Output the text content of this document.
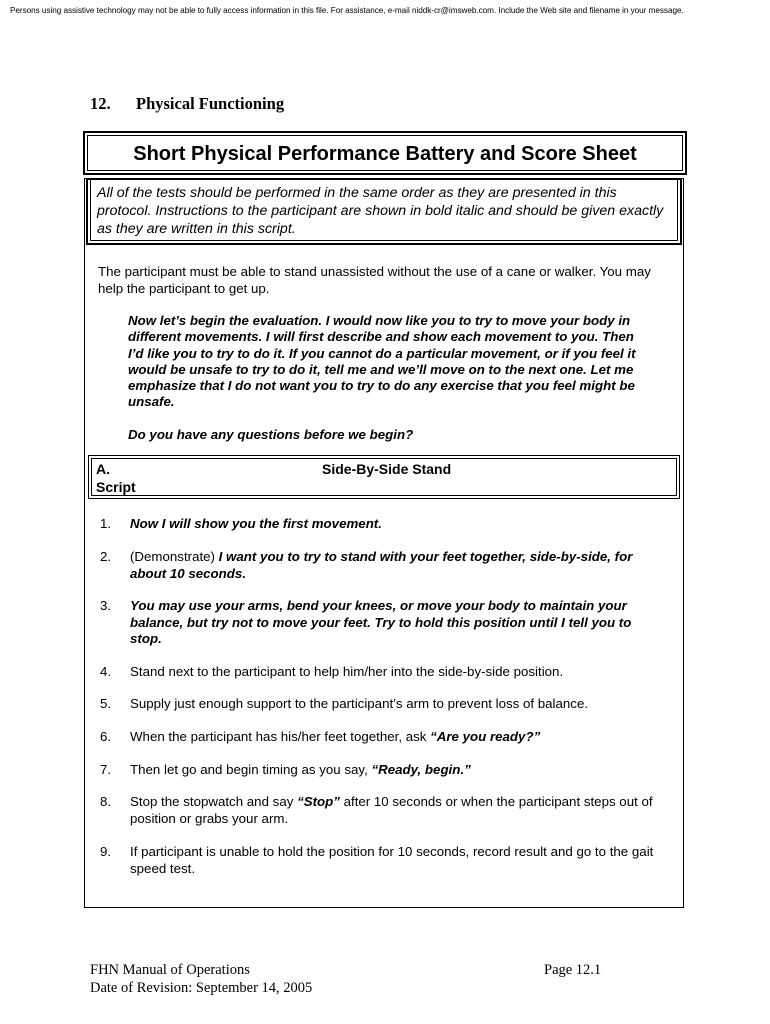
Persons using assistive technology may not be able to fully access information in this file. For assistance, e-mail niddk-cr@imsweb.com. Include the Web site and filename in your message.
12. Physical Functioning
Short Physical Performance Battery and Score Sheet
All of the tests should be performed in the same order as they are presented in this protocol. Instructions to the participant are shown in bold italic and should be given exactly as they are written in this script.
The participant must be able to stand unassisted without the use of a cane or walker. You may help the participant to get up.
Now let’s begin the evaluation. I would now like you to try to move your body in different movements. I will first describe and show each movement to you. Then I’d like you to try to do it. If you cannot do a particular movement, or if you feel it would be unsafe to try to do it, tell me and we’ll move on to the next one. Let me emphasize that I do not want you to try to do any exercise that you feel might be unsafe.
Do you have any questions before we begin?
A.
Script
Side-By-Side Stand
1. Now I will show you the first movement.
2. (Demonstrate) I want you to try to stand with your feet together, side-by-side, for about 10 seconds.
3. You may use your arms, bend your knees, or move your body to maintain your balance, but try not to move your feet. Try to hold this position until I tell you to stop.
4. Stand next to the participant to help him/her into the side-by-side position.
5. Supply just enough support to the participant’s arm to prevent loss of balance.
6. When the participant has his/her feet together, ask “Are you ready?”
7. Then let go and begin timing as you say, “Ready, begin.”
8. Stop the stopwatch and say “Stop” after 10 seconds or when the participant steps out of position or grabs your arm.
9. If participant is unable to hold the position for 10 seconds, record result and go to the gait speed test.
FHN Manual of Operations
Date of Revision: September 14, 2005
Page 12.1
